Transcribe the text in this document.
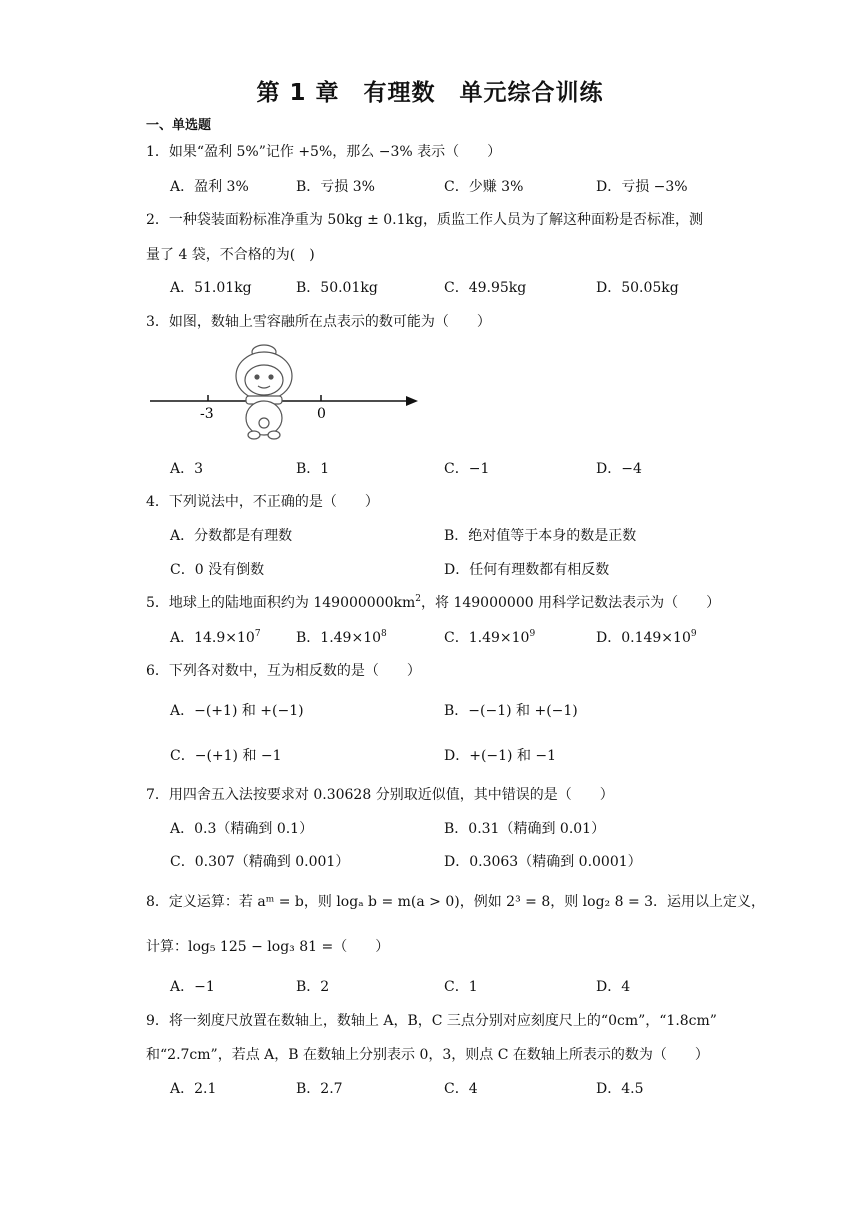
第 1 章　有理数　单元综合训练
一、单选题
1．如果“盈利 5%”记作 +5%，那么 −3% 表示（　　）
A．盈利 3%	B．亏损 3%	C．少赚 3%	D．亏损 −3%
2．一种袋装面粉标准净重为 50kg ± 0.1kg，质监工作人员为了解这种面粉是否标准，测
量了 4 袋，不合格的为(　)
A．51.01kg	B．50.01kg	C．49.95kg	D．50.05kg
3．如图，数轴上雪容融所在点表示的数可能为（　　）
-3	0
A．3	B．1	C．−1	D．−4
4．下列说法中，不正确的是（　　）
A．分数都是有理数	B．绝对值等于本身的数是正数
C．0 没有倒数	D．任何有理数都有相反数
5．地球上的陆地面积约为 $149000000km^2$，将 149000000 用科学记数法表示为（　　）
A．$14.9\times 10^7$	B．$1.49\times 10^8$	C．$1.49\times 10^9$	D．$0.149\times 10^9$
6．下列各对数中，互为相反数的是（　　）
A．−(+1) 和 +(−1)	B．−(−1) 和 +(−1)
C．−(+1) 和 −1	D．+(−1) 和 −1
7．用四舍五入法按要求对 0.30628 分别取近似值，其中错误的是（　　）
A．0.3（精确到 0.1）	B．0.31（精确到 0.01）
C．0.307（精确到 0.001）	D．0.3063（精确到 0.0001）
8．定义运算：若 aᵐ = b，则 logₐ b = m(a > 0)，例如 2³ = 8，则 log₂ 8 = 3．运用以上定义，
计算：log₅ 125 − log₃ 81 =（　　）
A．−1	B．2	C．1	D．4
9．将一刻度尺放置在数轴上，数轴上 A，B，C 三点分别对应刻度尺上的“0cm”，“1.8cm”
和“2.7cm”，若点 A，B 在数轴上分别表示 0，3，则点 C 在数轴上所表示的数为（　　）
A．2.1	B．2.7	C．4	D．4.5
